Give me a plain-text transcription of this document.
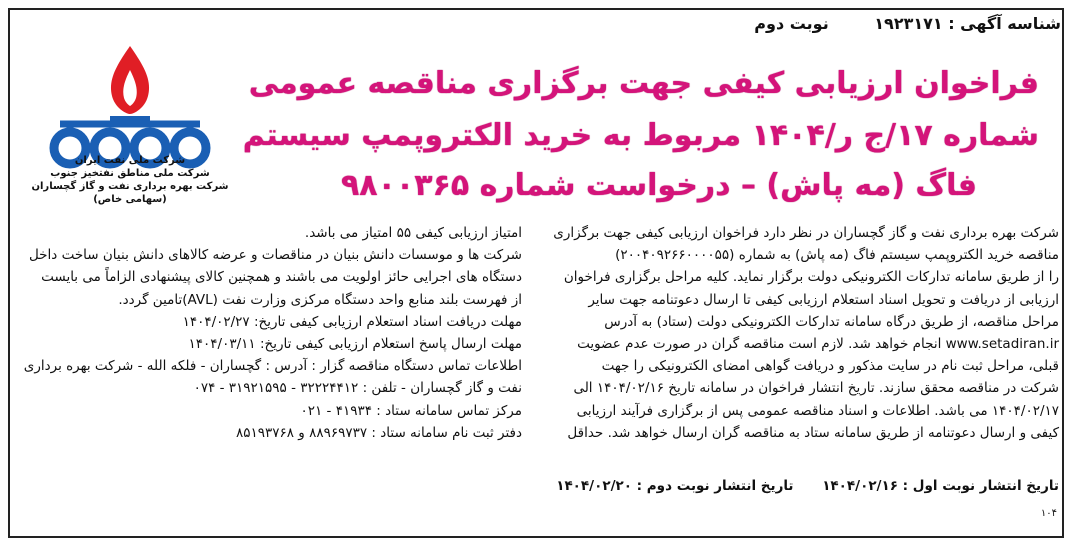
شناسه آگهی : ۱۹۲۳۱۷۱ نوبت دوم
فراخوان ارزیابی کیفی جهت برگزاری مناقصه عمومی
شماره ۱۷/ج ر/۱۴۰۴ مربوط به خرید الکتروپمپ سیستم
فاگ (مه پاش) – درخواست شماره ۹۸۰۰۳۶۵
شرکت ملی نفت ایران
شرکت ملی مناطق نفتخیز جنوب
شرکت بهره برداری نفت و گاز گچساران (سهامی خاص)

شرکت بهره برداری نفت و گاز گچساران در نظر دارد فراخوان ارزیابی کیفی جهت برگزاری

مناقصه خرید الکتروپمپ سیستم فاگ (مه پاش) به شماره (۲۰۰۴۰۹۲۶۶۰۰۰۰۵۵)

را از طریق سامانه تدارکات الکترونیکی دولت برگزار نماید. کلیه مراحل برگزاری فراخوان

ارزیابی از دریافت و تحویل اسناد استعلام ارزیابی کیفی تا ارسال دعوتنامه جهت سایر

مراحل مناقصه، از طریق درگاه سامانه تدارکات الکترونیکی دولت (ستاد) به آدرس

www.setadiran.ir انجام خواهد شد. لازم است مناقصه گران در صورت عدم عضویت

قبلی، مراحل ثبت نام در سایت مذکور و دریافت گواهی امضای الکترونیکی را جهت

شرکت در مناقصه محقق سازند. تاریخ انتشار فراخوان در سامانه تاریخ ۱۴۰۴/۰۲/۱۶ الی

۱۴۰۴/۰۲/۱۷ می باشد. اطلاعات و اسناد مناقصه عمومی پس از برگزاری فرآیند ارزیابی

کیفی و ارسال دعوتنامه از طریق سامانه ستاد به مناقصه گران ارسال خواهد شد. حداقل

امتیاز ارزیابی کیفی ۵۵ امتیاز می باشد.

شرکت ها و موسسات دانش بنیان در مناقصات و عرضه کالاهای دانش بنیان ساخت داخل

دستگاه های اجرایی حائز اولویت می باشند و همچنین کالای پیشنهادی الزاماً می بایست

از فهرست بلند منابع واحد دستگاه مرکزی وزارت نفت (AVL)تامین گردد.

مهلت دریافت اسناد استعلام ارزیابی کیفی تاریخ: ۱۴۰۴/۰۲/۲۷

مهلت ارسال پاسخ استعلام ارزیابی کیفی تاریخ: ۱۴۰۴/۰۳/۱۱

اطلاعات تماس دستگاه مناقصه گزار : آدرس : گچساران - فلکه الله - شرکت بهره برداری

نفت و گاز گچساران - تلفن : ۳۲۲۲۴۴۱۲ - ۳۱۹۲۱۵۹۵ - ۰۷۴

مرکز تماس سامانه ستاد : ۴۱۹۳۴ - ۰۲۱

دفتر ثبت نام سامانه ستاد : ۸۸۹۶۹۷۳۷ و ۸۵۱۹۳۷۶۸

تاریخ انتشار نوبت اول : ۱۴۰۴/۰۲/۱۶ تاریخ انتشار نوبت دوم : ۱۴۰۴/۰۲/۲۰
۱۰۴
